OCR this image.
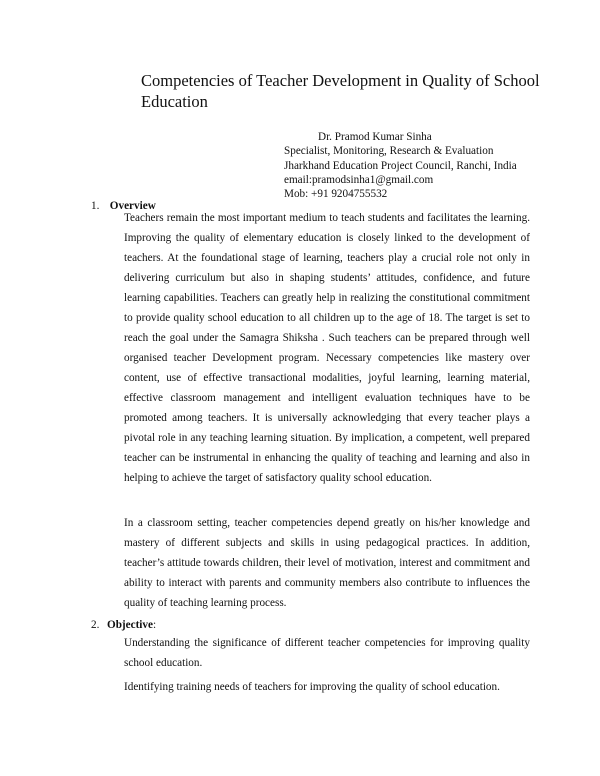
Competencies of Teacher Development in Quality of School Education
Dr. Pramod Kumar Sinha
Specialist, Monitoring, Research & Evaluation
Jharkhand Education Project Council, Ranchi, India
email:pramodsinha1@gmail.com
Mob: +91 9204755532
1. Overview

Teachers remain the most important medium to teach students and facilitates the learning. Improving the quality of elementary education is closely linked to the development of teachers. At the foundational stage of learning, teachers play a crucial role not only in delivering curriculum but also in shaping students’ attitudes, confidence, and future learning capabilities. Teachers can greatly help in realizing the constitutional commitment to provide quality school education to all children up to the age of 18. The target is set to reach the goal under the Samagra Shiksha . Such teachers can be prepared through well organised teacher Development program. Necessary competencies like mastery over content, use of effective transactional modalities, joyful learning, learning material, effective classroom management and intelligent evaluation techniques have to be promoted among teachers. It is universally acknowledging that every teacher plays a pivotal role in any teaching learning situation. By implication, a competent, well prepared teacher can be instrumental in enhancing the quality of teaching and learning and also in helping to achieve the target of satisfactory quality school education.

In a classroom setting, teacher competencies depend greatly on his/her knowledge and mastery of different subjects and skills in using pedagogical practices. In addition, teacher’s attitude towards children, their level of motivation, interest and commitment and ability to interact with parents and community members also contribute to influences the quality of teaching learning process.

2. Objective:

Understanding the significance of different teacher competencies for improving quality school education.

Identifying training needs of teachers for improving the quality of school education.
